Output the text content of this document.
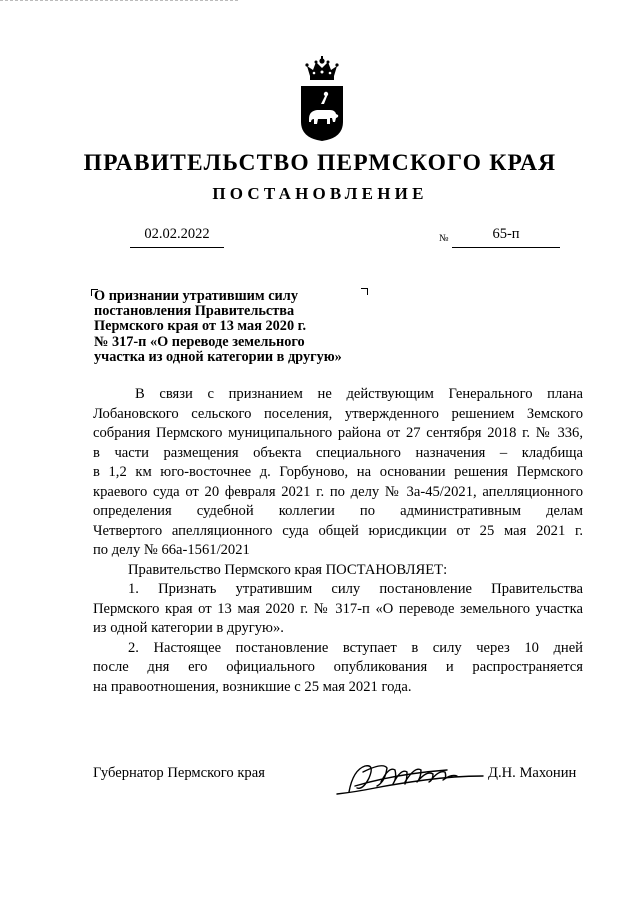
ПРАВИТЕЛЬСТВО ПЕРМСКОГО КРАЯ
ПОСТАНОВЛЕНИЕ
02.02.2022	№	65-п
О признании утратившим силу
постановления Правительства
Пермского края от 13 мая 2020 г.
№ 317-п «О переводе земельного
участка из одной категории в другую»
В связи с признанием не действующим Генерального плана
Лобановского сельского поселения, утвержденного решением Земского
собрания Пермского муниципального района от 27 сентября 2018 г. № 336,
в части размещения объекта специального назначения – кладбища
в 1,2 км юго-восточнее д. Горбуново, на основании решения Пермского
краевого суда от 20 февраля 2021 г. по делу № 3а-45/2021, апелляционного
определения судебной коллегии по административным делам
Четвертого апелляционного суда общей юрисдикции от 25 мая 2021 г.
по делу № 66а-1561/2021
Правительство Пермского края ПОСТАНОВЛЯЕТ:
1. Признать утратившим силу постановление Правительства
Пермского края от 13 мая 2020 г. № 317-п «О переводе земельного участка
из одной категории в другую».
2. Настоящее постановление вступает в силу через 10 дней
после дня его официального опубликования и распространяется
на правоотношения, возникшие с 25 мая 2021 года.
Губернатор Пермского края	Д.Н. Махонин
